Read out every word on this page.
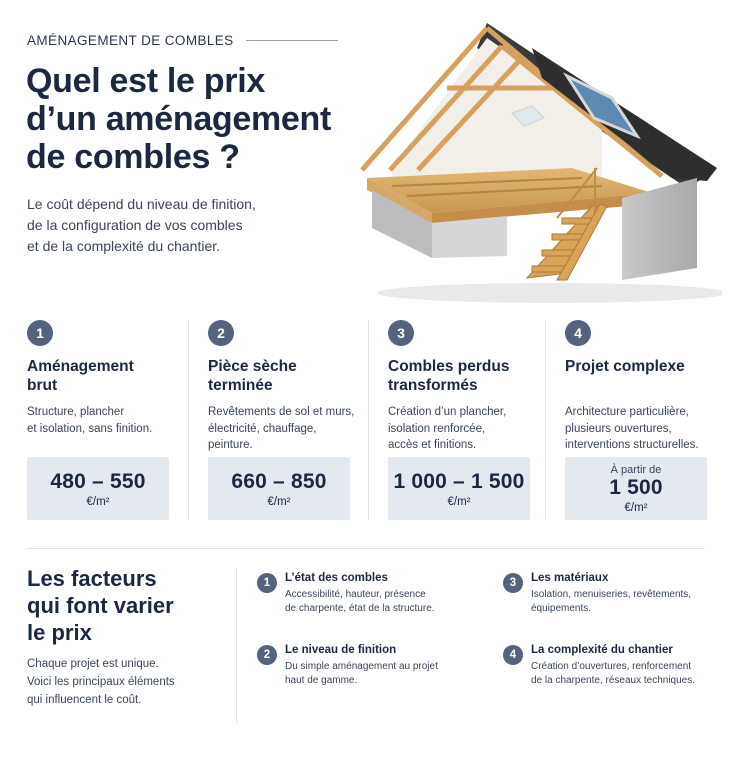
AMÉNAGEMENT DE COMBLES
Quel est le prix
d’un aménagement
de combles ?

Le coût dépend du niveau de finition,
de la configuration de vos combles
et de la complexité du chantier.

1
Aménagement
brut
Structure, plancher
et isolation, sans finition.
480 – 550
€/m²
2
Pièce sèche
terminée
Revêtements de sol et murs,
électricité, chauffage,
peinture.
660 – 850
€/m²
3
Combles perdus
transformés
Création d’un plancher,
isolation renforcée,
accès et finitions.
1 000 – 1 500
€/m²
4
Projet complexe
Architecture particulière,
plusieurs ouvertures,
interventions structurelles.
À partir de
1 500
€/m²
Les facteurs
qui font varier
le prix

Chaque projet est unique.
Voici les principaux éléments
qui influencent le coût.

1	L’état des combles
Accessibilité, hauteur, présence
de charpente, état de la structure.
2	Le niveau de finition
Du simple aménagement au projet
haut de gamme.
3	Les matériaux
Isolation, menuiseries, revêtements,
équipements.
4	La complexité du chantier
Création d’ouvertures, renforcement
de la charpente, réseaux techniques.
